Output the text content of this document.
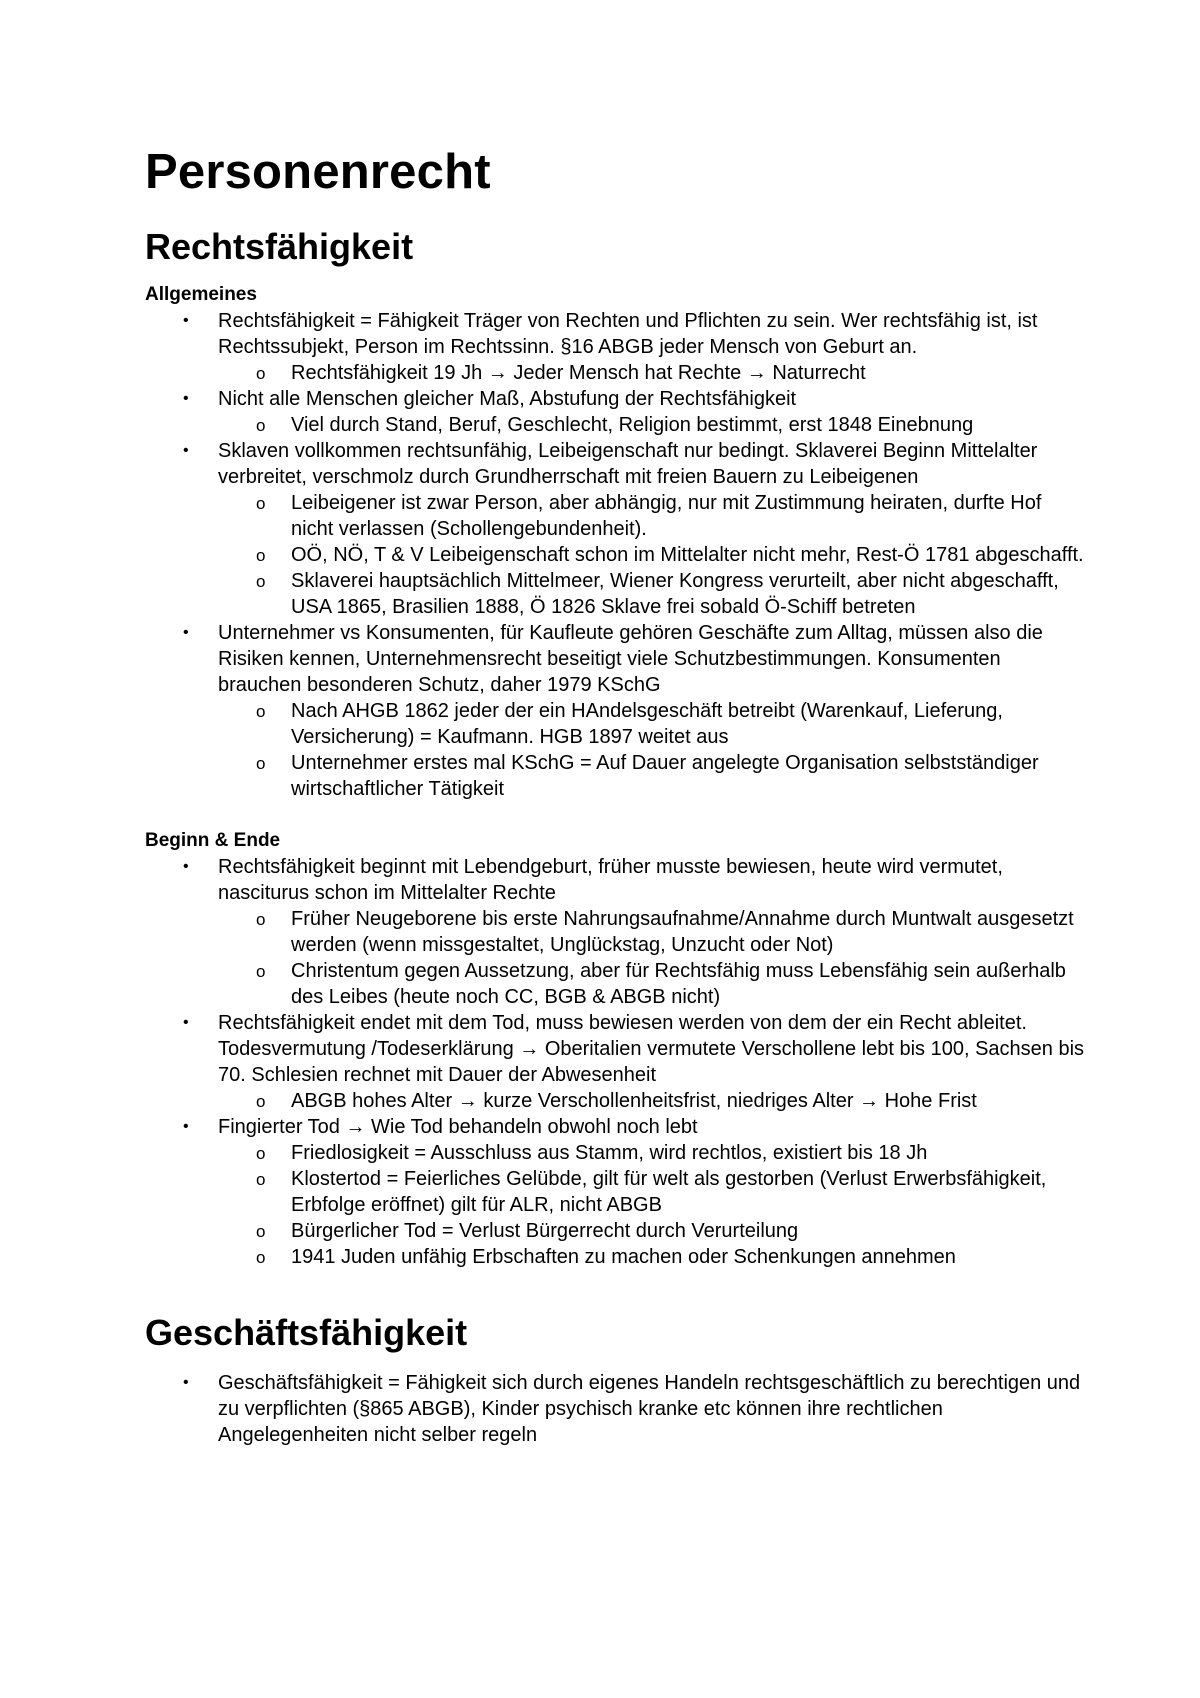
Personenrecht
Rechtsfähigkeit
Allgemeines
• Rechtsfähigkeit = Fähigkeit Träger von Rechten und Pflichten zu sein. Wer rechtsfähig ist, ist Rechtssubjekt, Person im Rechtssinn. §16 ABGB jeder Mensch von Geburt an.
o Rechtsfähigkeit 19 Jh → Jeder Mensch hat Rechte → Naturrecht
• Nicht alle Menschen gleicher Maß, Abstufung der Rechtsfähigkeit
o Viel durch Stand, Beruf, Geschlecht, Religion bestimmt, erst 1848 Einebnung
• Sklaven vollkommen rechtsunfähig, Leibeigenschaft nur bedingt. Sklaverei Beginn Mittelalter verbreitet, verschmolz durch Grundherrschaft mit freien Bauern zu Leibeigenen
o Leibeigener ist zwar Person, aber abhängig, nur mit Zustimmung heiraten, durfte Hof nicht verlassen (Schollengebundenheit).
o OÖ, NÖ, T & V Leibeigenschaft schon im Mittelalter nicht mehr, Rest-Ö 1781 abgeschafft.
o Sklaverei hauptsächlich Mittelmeer, Wiener Kongress verurteilt, aber nicht abgeschafft, USA 1865, Brasilien 1888, Ö 1826 Sklave frei sobald Ö-Schiff betreten
• Unternehmer vs Konsumenten, für Kaufleute gehören Geschäfte zum Alltag, müssen also die Risiken kennen, Unternehmensrecht beseitigt viele Schutzbestimmungen. Konsumenten brauchen besonderen Schutz, daher 1979 KSchG
o Nach AHGB 1862 jeder der ein HAndelsgeschäft betreibt (Warenkauf, Lieferung, Versicherung) = Kaufmann. HGB 1897 weitet aus
o Unternehmer erstes mal KSchG = Auf Dauer angelegte Organisation selbstständiger wirtschaftlicher Tätigkeit
Beginn & Ende
• Rechtsfähigkeit beginnt mit Lebendgeburt, früher musste bewiesen, heute wird vermutet, nasciturus schon im Mittelalter Rechte
o Früher Neugeborene bis erste Nahrungsaufnahme/Annahme durch Muntwalt ausgesetzt werden (wenn missgestaltet, Unglückstag, Unzucht oder Not)
o Christentum gegen Aussetzung, aber für Rechtsfähig muss Lebensfähig sein außerhalb des Leibes (heute noch CC, BGB & ABGB nicht)
• Rechtsfähigkeit endet mit dem Tod, muss bewiesen werden von dem der ein Recht ableitet. Todesvermutung /Todeserklärung → Oberitalien vermutete Verschollene lebt bis 100, Sachsen bis 70. Schlesien rechnet mit Dauer der Abwesenheit
o ABGB hohes Alter → kurze Verschollenheitsfrist, niedriges Alter → Hohe Frist
• Fingierter Tod → Wie Tod behandeln obwohl noch lebt
o Friedlosigkeit = Ausschluss aus Stamm, wird rechtlos, existiert bis 18 Jh
o Klostertod = Feierliches Gelübde, gilt für welt als gestorben (Verlust Erwerbsfähigkeit, Erbfolge eröffnet) gilt für ALR, nicht ABGB
o Bürgerlicher Tod = Verlust Bürgerrecht durch Verurteilung
o 1941 Juden unfähig Erbschaften zu machen oder Schenkungen annehmen
Geschäftsfähigkeit
• Geschäftsfähigkeit = Fähigkeit sich durch eigenes Handeln rechtsgeschäftlich zu berechtigen und zu verpflichten (§865 ABGB), Kinder psychisch kranke etc können ihre rechtlichen Angelegenheiten nicht selber regeln
